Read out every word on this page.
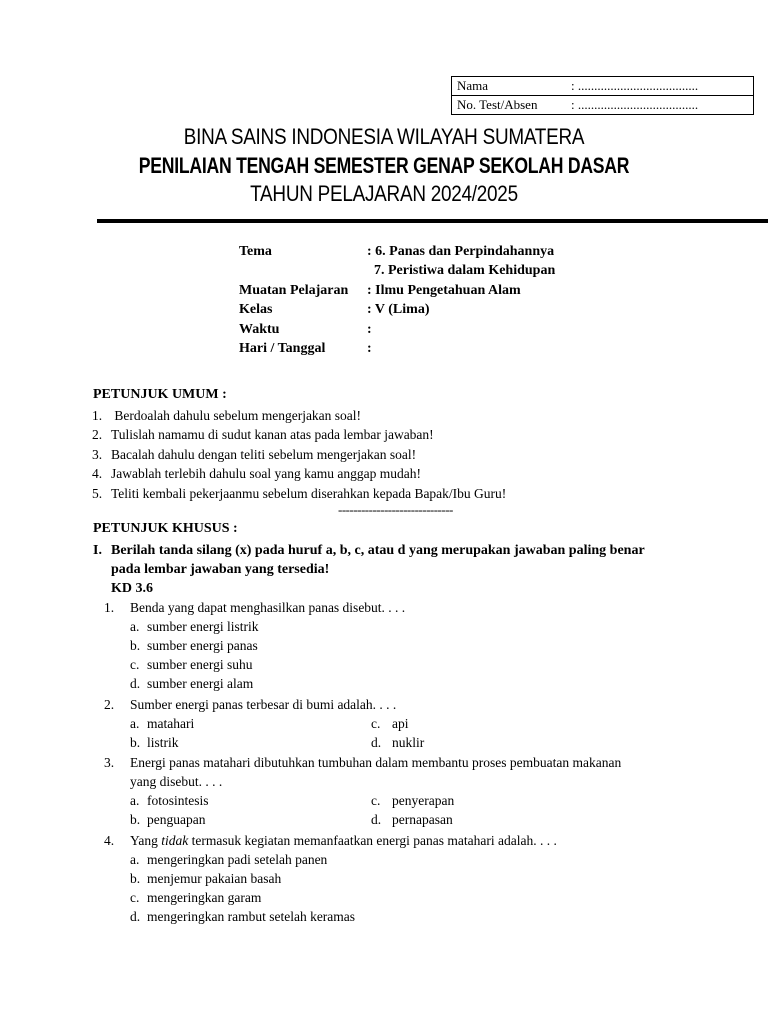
Nama	: .....................................
No. Test/Absen	: .....................................
BINA SAINS INDONESIA WILAYAH SUMATERA
PENILAIAN TENGAH SEMESTER GENAP SEKOLAH DASAR
TAHUN PELAJARAN 2024/2025
Tema	: 6. Panas dan Perpindahannya
7. Peristiwa dalam Kehidupan
Muatan Pelajaran	: Ilmu Pengetahuan Alam
Kelas	: V (Lima)
Waktu	:
Hari / Tanggal	:
PETUNJUK UMUM :
1. Berdoalah dahulu sebelum mengerjakan soal!
2. Tulislah namamu di sudut kanan atas pada lembar jawaban!
3. Bacalah dahulu dengan teliti sebelum mengerjakan soal!
4. Jawablah terlebih dahulu soal yang kamu anggap mudah!
5. Teliti kembali pekerjaanmu sebelum diserahkan kepada Bapak/Ibu Guru!
------------------------------
PETUNJUK KHUSUS :
I. Berilah tanda silang (x) pada huruf a, b, c, atau d yang merupakan jawaban paling benar
pada lembar jawaban yang tersedia!
KD 3.6
1.	Benda yang dapat menghasilkan panas disebut. . . .
a. sumber energi listrik
b. sumber energi panas
c. sumber energi suhu
d. sumber energi alam
2.	Sumber energi panas terbesar di bumi adalah. . . .
a. matahari	c. api
b. listrik	d. nuklir
3.	Energi panas matahari dibutuhkan tumbuhan dalam membantu proses pembuatan makanan
yang disebut. . . .
a. fotosintesis	c. penyerapan
b. penguapan	d. pernapasan
4.	Yang tidak termasuk kegiatan memanfaatkan energi panas matahari adalah. . . .
a. mengeringkan padi setelah panen
b. menjemur pakaian basah
c. mengeringkan garam
d. mengeringkan rambut setelah keramas
